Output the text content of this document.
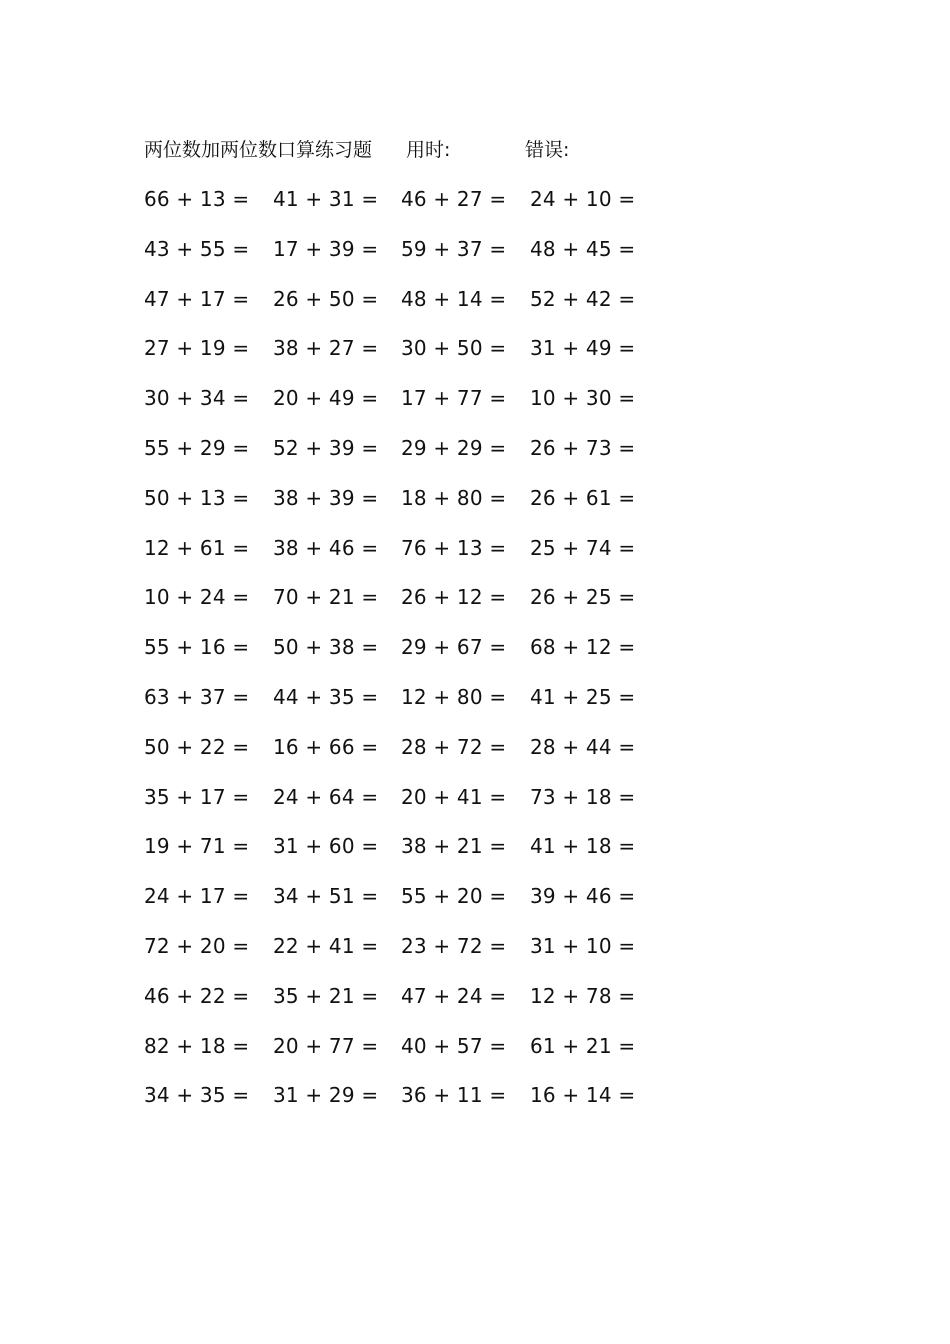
两位数加两位数口算练习题 用时:	错误:
66 + 13 = 41 + 31 = 46 + 27 = 24 + 10 =
43 + 55 = 17 + 39 = 59 + 37 = 48 + 45 =
47 + 17 = 26 + 50 = 48 + 14 = 52 + 42 =
27 + 19 = 38 + 27 = 30 + 50 = 31 + 49 =
30 + 34 = 20 + 49 = 17 + 77 = 10 + 30 =
55 + 29 = 52 + 39 = 29 + 29 = 26 + 73 =
50 + 13 = 38 + 39 = 18 + 80 = 26 + 61 =
12 + 61 = 38 + 46 = 76 + 13 = 25 + 74 =
10 + 24 = 70 + 21 = 26 + 12 = 26 + 25 =
55 + 16 = 50 + 38 = 29 + 67 = 68 + 12 =
63 + 37 = 44 + 35 = 12 + 80 = 41 + 25 =
50 + 22 = 16 + 66 = 28 + 72 = 28 + 44 =
35 + 17 = 24 + 64 = 20 + 41 = 73 + 18 =
19 + 71 = 31 + 60 = 38 + 21 = 41 + 18 =
24 + 17 = 34 + 51 = 55 + 20 = 39 + 46 =
72 + 20 = 22 + 41 = 23 + 72 = 31 + 10 =
46 + 22 = 35 + 21 = 47 + 24 = 12 + 78 =
82 + 18 = 20 + 77 = 40 + 57 = 61 + 21 =
34 + 35 = 31 + 29 = 36 + 11 = 16 + 14 =
